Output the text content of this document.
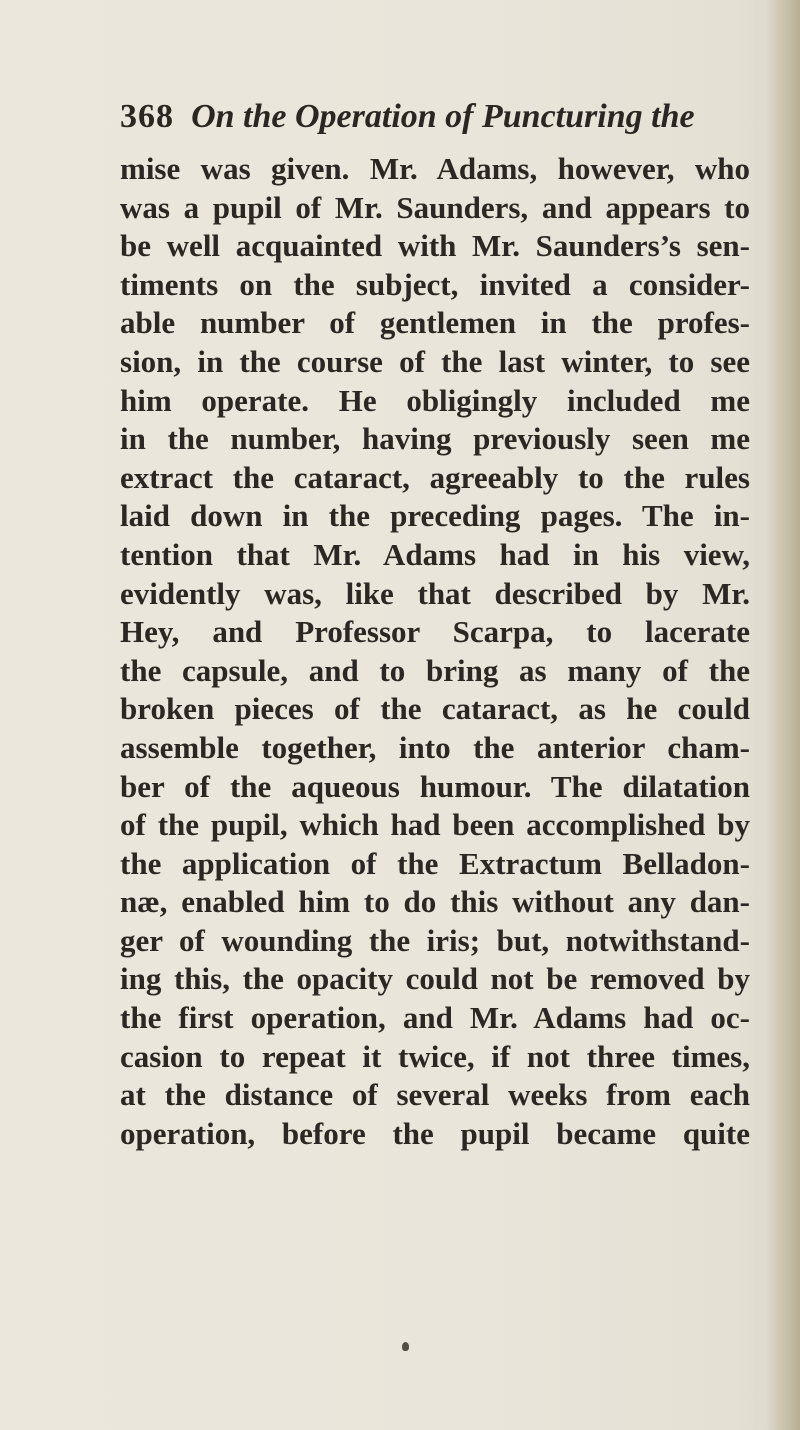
368 On the Operation of Puncturing the
mise was given. Mr. Adams, however, who
was a pupil of Mr. Saunders, and appears to
be well acquainted with Mr. Saunders’s sen-
timents on the subject, invited a consider-
able number of gentlemen in the profes-
sion, in the course of the last winter, to see
him operate. He obligingly included me
in the number, having previously seen me
extract the cataract, agreeably to the rules
laid down in the preceding pages. The in-
tention that Mr. Adams had in his view,
evidently was, like that described by Mr.
Hey, and Professor Scarpa, to lacerate
the capsule, and to bring as many of the
broken pieces of the cataract, as he could
assemble together, into the anterior cham-
ber of the aqueous humour. The dilatation
of the pupil, which had been accomplished by
the application of the Extractum Belladon-
næ, enabled him to do this without any dan-
ger of wounding the iris; but, notwithstand-
ing this, the opacity could not be removed by
the first operation, and Mr. Adams had oc-
casion to repeat it twice, if not three times,
at the distance of several weeks from each
operation, before the pupil became quite
